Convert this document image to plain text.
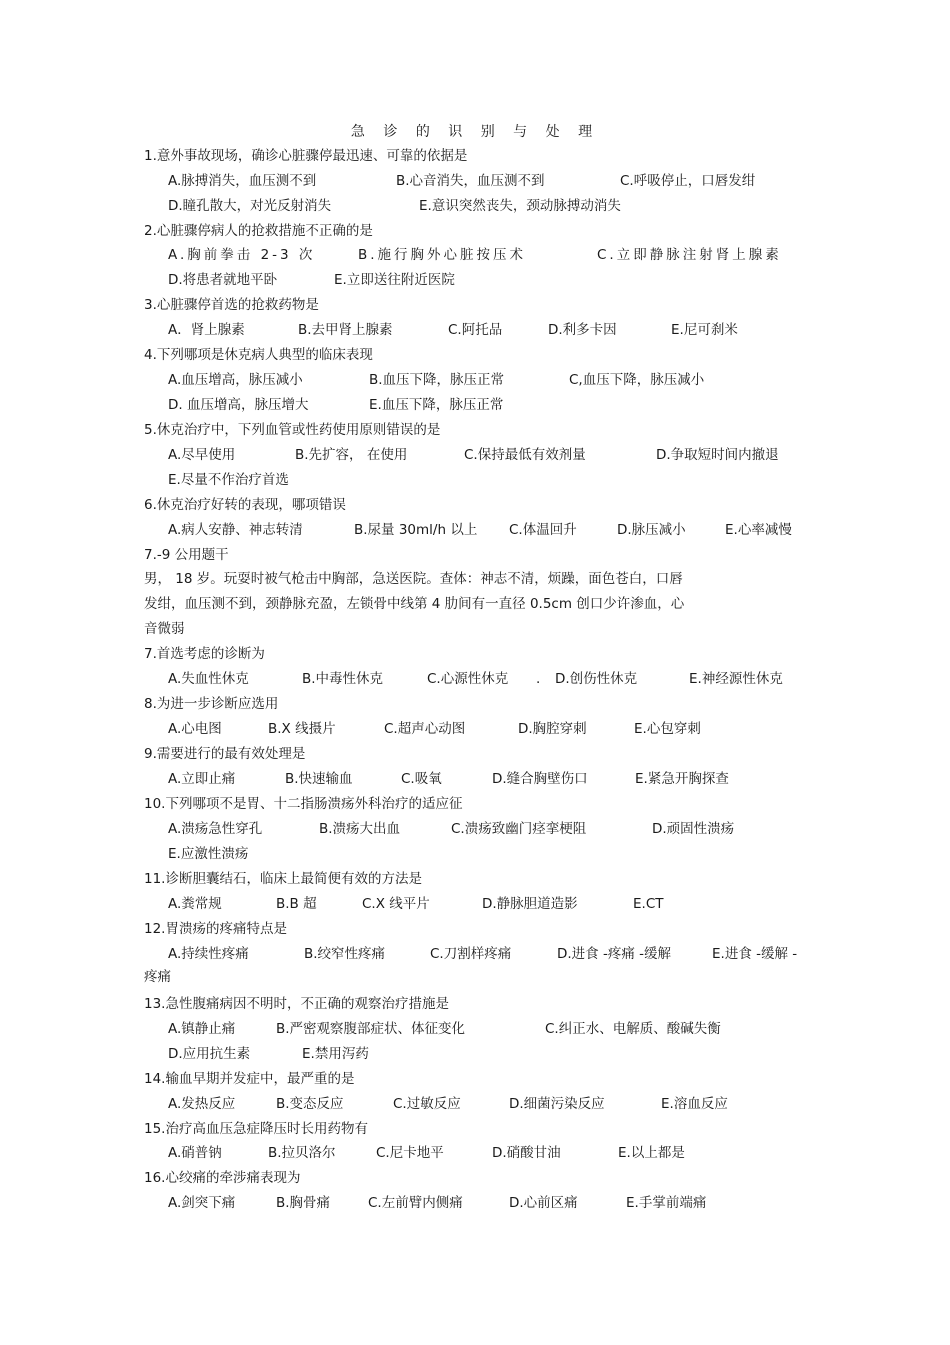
急 诊 的 识 别 与 处 理
1.意外事故现场，确诊心脏骤停最迅速、可靠的依据是
A.脉搏消失，血压测不到	B.心音消失，血压测不到	C.呼吸停止，口唇发绀
D.瞳孔散大，对光反射消失	E.意识突然丧失，颈动脉搏动消失
2.心脏骤停病人的抢救措施不正确的是
A.胸前拳击 2-3 次	B.施行胸外心脏按压术	C.立即静脉注射肾上腺素
D.将患者就地平卧	E.立即送往附近医院
3.心脏骤停首选的抢救药物是
A．肾上腺素	B.去甲肾上腺素	C.阿托品	D.利多卡因	E.尼可刹米
4.下列哪项是休克病人典型的临床表现
A.血压增高，脉压减小	B.血压下降，脉压正常	C,血压下降，脉压减小
D. 血压增高，脉压增大	E.血压下降，脉压正常
5.休克治疗中，下列血管或性药使用原则错误的是
A.尽早使用	B.先扩容， 在使用	C.保持最低有效剂量	D.争取短时间内撤退
E.尽量不作治疗首选
6.休克治疗好转的表现，哪项错误
A.病人安静、神志转清	B.尿量 30ml/h 以上 C.体温回升	D.脉压减小	E.心率减慢
7.-9 公用题干
男， 18 岁。玩耍时被气枪击中胸部，急送医院。查体：神志不清，烦躁，面色苍白，口唇
发绀，血压测不到，颈静脉充盈，左锁骨中线第 4 肋间有一直径 0.5cm 创口少许渗血，心
音微弱
7.首选考虑的诊断为
A.失血性休克	B.中毒性休克	C.心源性休克 . D.创伤性休克	E.神经源性休克
8.为进一步诊断应选用
A.心电图	B.X 线摄片	C.超声心动图	D.胸腔穿刺	E.心包穿刺
9.需要进行的最有效处理是
A.立即止痛	B.快速输血	C.吸氧	D.缝合胸壁伤口	E.紧急开胸探查
10.下列哪项不是胃、十二指肠溃疡外科治疗的适应征
A.溃疡急性穿孔	B.溃疡大出血	C.溃疡致幽门痉挛梗阻	D.顽固性溃疡
E.应激性溃疡
11.诊断胆囊结石，临床上最简便有效的方法是
A.粪常规	B.B 超	C.X 线平片	D.静脉胆道造影	E.CT
12.胃溃疡的疼痛特点是
A.持续性疼痛	B.绞窄性疼痛	C.刀割样疼痛	D.进食 -疼痛 -缓解	E.进食 -缓解 -
疼痛
13.急性腹痛病因不明时，不正确的观察治疗措施是
A.镇静止痛	B.严密观察腹部症状、体征变化	C.纠正水、电解质、酸碱失衡
D.应用抗生素	E.禁用泻药
14.输血早期并发症中，最严重的是
A.发热反应	B.变态反应	C.过敏反应	D.细菌污染反应	E.溶血反应
15.治疗高血压急症降压时长用药物有
A.硝普钠	B.拉贝洛尔	C.尼卡地平	D.硝酸甘油	E.以上都是
16.心绞痛的牵涉痛表现为
A.剑突下痛	B.胸骨痛	C.左前臂内侧痛	D.心前区痛	E.手掌前端痛
